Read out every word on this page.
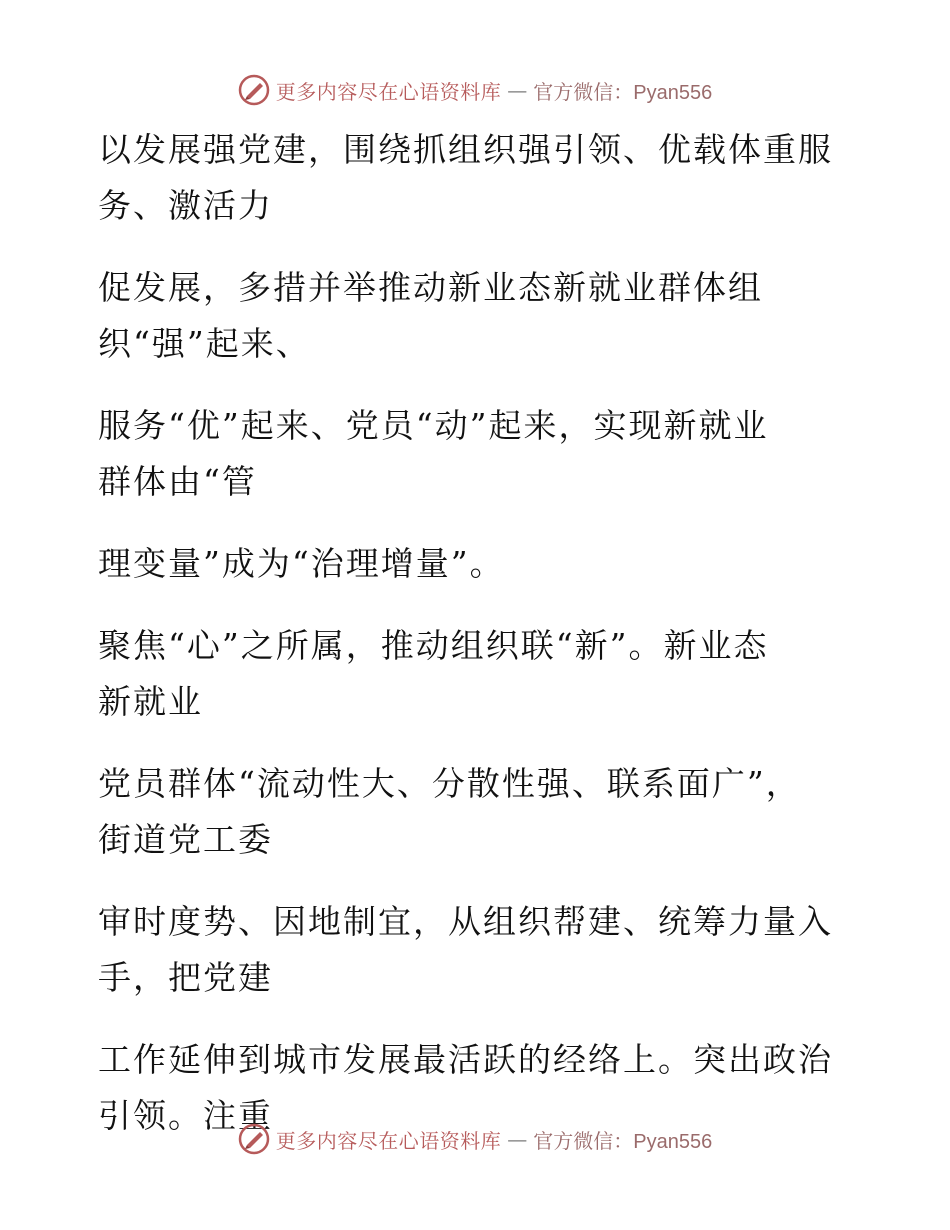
更多内容尽在心语资料库 — 官方微信：Pyan556

以发展强党建，围绕抓组织强引领、优载体重服
务、激活力

促发展，多措并举推动新业态新就业群体组
织“强”起来、

服务“优”起来、党员“动”起来，实现新就业
群体由“管

理变量”成为“治理增量”。

聚焦“心”之所属，推动组织联“新”。新业态
新就业

党员群体“流动性大、分散性强、联系面广”，
街道党工委

审时度势、因地制宜，从组织帮建、统筹力量入
手，把党建

工作延伸到城市发展最活跃的经络上。突出政治
引领。注重

更多内容尽在心语资料库 — 官方微信：Pyan556
